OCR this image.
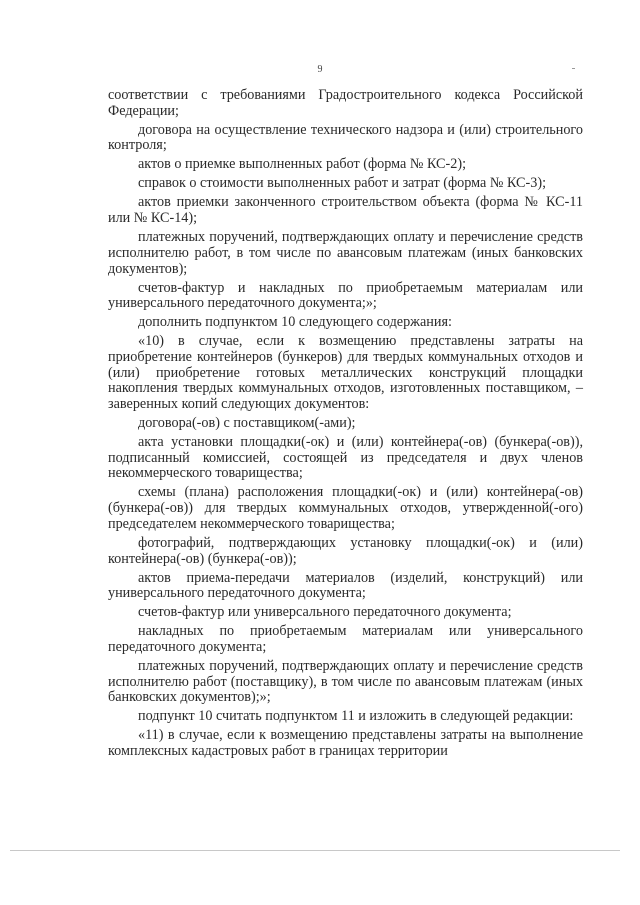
9

соответствии с требованиями Градостроительного кодекса Российской Федерации;

договора на осуществление технического надзора и (или) строительного контроля;

актов о приемке выполненных работ (форма № КС-2);

справок о стоимости выполненных работ и затрат (форма № КС-3);

актов приемки законченного строительством объекта (форма № КС-11 или № КС-14);

платежных поручений, подтверждающих оплату и перечисление средств исполнителю работ, в том числе по авансовым платежам (иных банковских документов);

счетов-фактур и накладных по приобретаемым материалам или универсального передаточного документа;»;

дополнить подпунктом 10 следующего содержания:

«10) в случае, если к возмещению представлены затраты на приобретение контейнеров (бункеров) для твердых коммунальных отходов и (или) приобретение готовых металлических конструкций площадки накопления твердых коммунальных отходов, изготовленных поставщиком, – заверенных копий следующих документов:

договора(-ов) с поставщиком(-ами);

акта установки площадки(-ок) и (или) контейнера(-ов) (бункера(-ов)), подписанный комиссией, состоящей из председателя и двух членов некоммерческого товарищества;

схемы (плана) расположения площадки(-ок) и (или) контейнера(-ов) (бункера(-ов)) для твердых коммунальных отходов, утвержденной(-ого) председателем некоммерческого товарищества;

фотографий, подтверждающих установку площадки(-ок) и (или) контейнера(-ов) (бункера(-ов));

актов приема-передачи материалов (изделий, конструкций) или универсального передаточного документа;

счетов-фактур или универсального передаточного документа;

накладных по приобретаемым материалам или универсального передаточного документа;

платежных поручений, подтверждающих оплату и перечисление средств исполнителю работ (поставщику), в том числе по авансовым платежам (иных банковских документов);»;

подпункт 10 считать подпунктом 11 и изложить в следующей редакции:

«11) в случае, если к возмещению представлены затраты на выполнение комплексных кадастровых работ в границах территории
